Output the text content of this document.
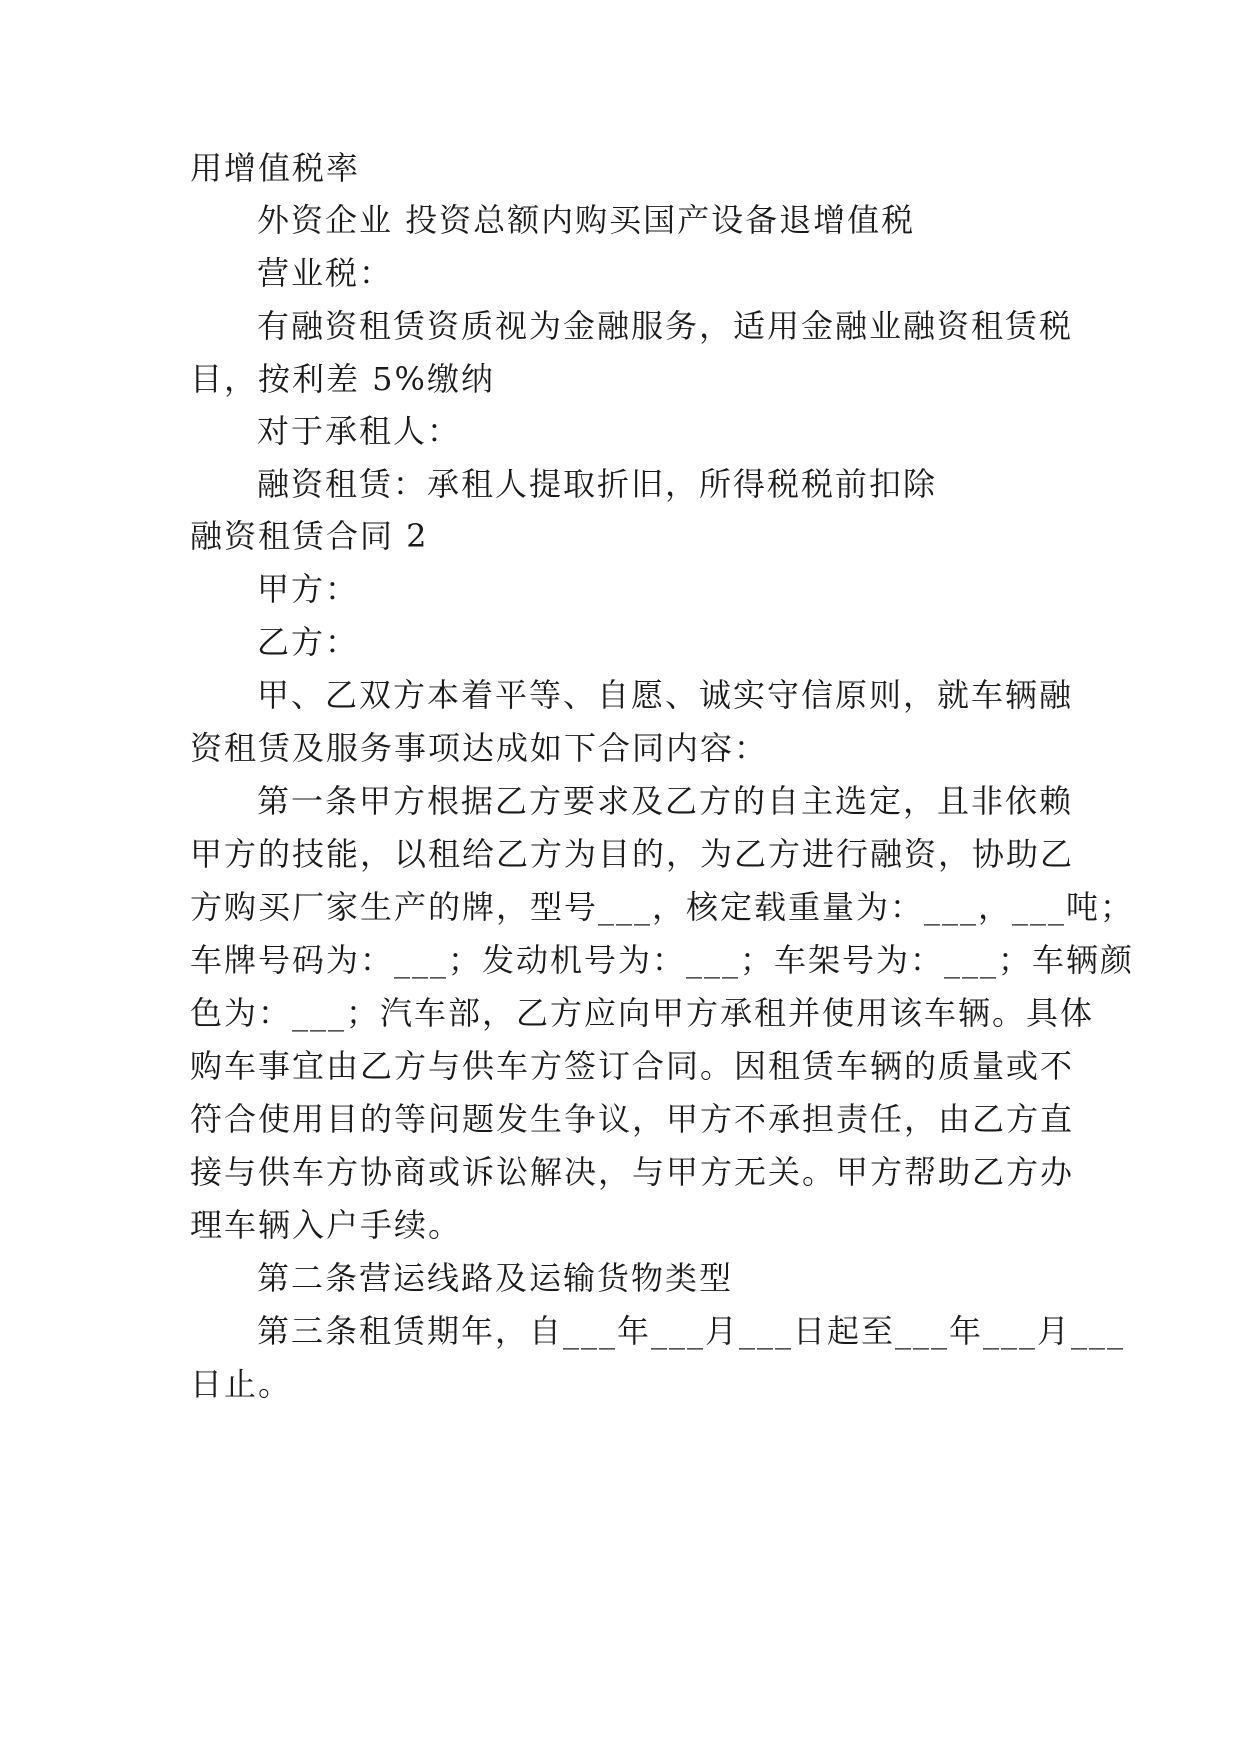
用增值税率

外资企业 投资总额内购买国产设备退增值税

营业税：

有融资租赁资质视为金融服务，适用金融业融资租赁税

目，按利差 5%缴纳

对于承租人：

融资租赁：承租人提取折旧，所得税税前扣除

融资租赁合同 2

甲方：

乙方：

甲、乙双方本着平等、自愿、诚实守信原则，就车辆融

资租赁及服务事项达成如下合同内容：

第一条甲方根据乙方要求及乙方的自主选定，且非依赖

甲方的技能，以租给乙方为目的，为乙方进行融资，协助乙

方购买厂家生产的牌，型号___，核定载重量为：___，___吨；

车牌号码为：___；发动机号为：___；车架号为：___；车辆颜

色为：___；汽车部，乙方应向甲方承租并使用该车辆。具体

购车事宜由乙方与供车方签订合同。因租赁车辆的质量或不

符合使用目的等问题发生争议，甲方不承担责任，由乙方直

接与供车方协商或诉讼解决，与甲方无关。甲方帮助乙方办

理车辆入户手续。

第二条营运线路及运输货物类型

第三条租赁期年，自___年___月___日起至___年___月___

日止。
